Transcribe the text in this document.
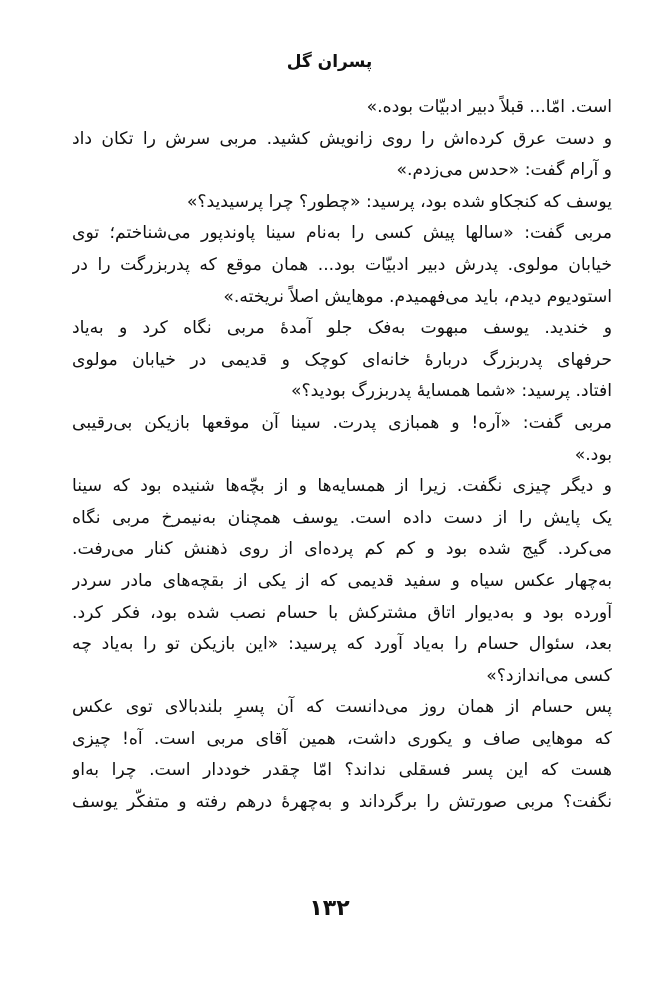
پسران گل
است. امّا... قبلاً دبیر ادبیّات بوده.»
و دست عرق کرده‌اش را روی زانویش کشید. مربی سرش را تکان داد
و آرام گفت: «حدس می‌زدم.»
یوسف که کنجکاو شده بود، پرسید: «چطور؟ چرا پرسیدید؟»
مربی گفت: «سالها پیش کسی را به‌نام سینا پاوندپور می‌شناختم؛ توی
خیابان مولوی. پدرش دبیر ادبیّات بود... همان موقع که پدربزرگت را در
استودیوم دیدم، باید می‌فهمیدم. موهایش اصلاً نریخته.»
و خندید. یوسف مبهوت به‌فک جلو آمدهٔ مربی نگاه کرد و به‌یاد
حرفهای پدربزرگ دربارهٔ خانه‌ای کوچک و قدیمی در خیابان مولوی
افتاد. پرسید: «شما همسایهٔ پدربزرگ بودید؟»
مربی گفت: «آره! و همبازی پدرت. سینا آن موقعها بازیکن بی‌رقیبی
بود.»
و دیگر چیزی نگفت. زیرا از همسایه‌ها و از بچّه‌ها شنیده بود که سینا
یک پایش را از دست داده است. یوسف همچنان به‌نیمرخ مربی نگاه
می‌کرد. گیج شده بود و کم کم پرده‌ای از روی ذهنش کنار می‌رفت.
به‌چهار عکس سیاه و سفید قدیمی که از یکی از بقچه‌های مادر سردر
آورده بود و به‌دیوار اتاق مشترکش با حسام نصب شده بود، فکر کرد.
بعد، سئوال حسام را به‌یاد آورد که پرسید: «این بازیکن تو را به‌یاد چه
کسی می‌اندازد؟»
پس حسام از همان روز می‌دانست که آن پسرِ بلندبالای توی عکس
که موهایی صاف و یکوری داشت، همین آقای مربی است. آه! چیزی
هست که این پسر فسقلی نداند؟ امّا چقدر خوددار است. چرا به‌او
نگفت؟ مربی صورتش را برگرداند و به‌چهرهٔ درهم رفته و متفکّر یوسف
۱۳۲
